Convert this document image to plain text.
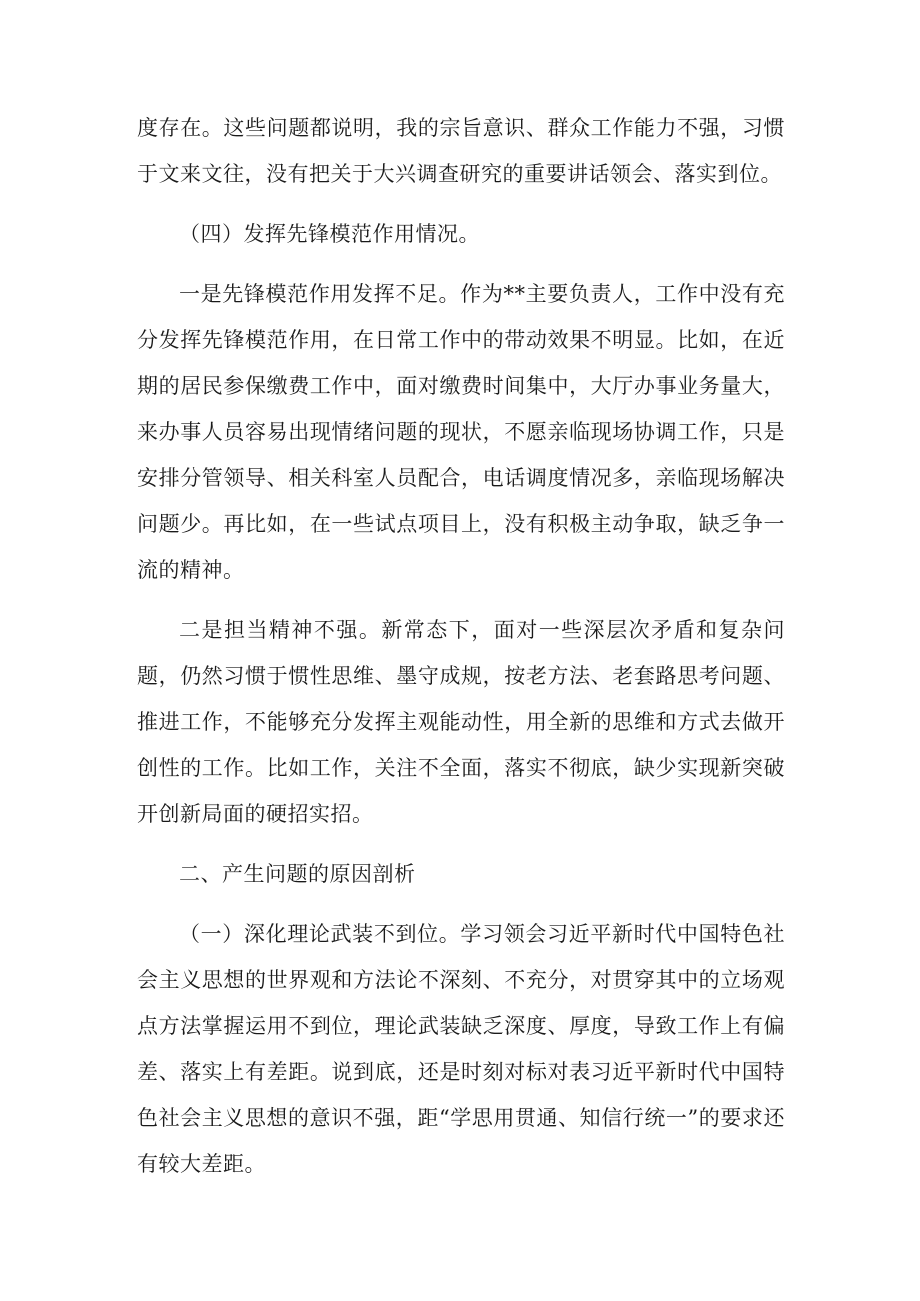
度存在。这些问题都说明，我的宗旨意识、群众工作能力不强，习惯于文来文往，没有把关于大兴调查研究的重要讲话领会、落实到位。

（四）发挥先锋模范作用情况。

一是先锋模范作用发挥不足。作为**主要负责人，工作中没有充分发挥先锋模范作用，在日常工作中的带动效果不明显。比如，在近期的居民参保缴费工作中，面对缴费时间集中，大厅办事业务量大，来办事人员容易出现情绪问题的现状，不愿亲临现场协调工作，只是安排分管领导、相关科室人员配合，电话调度情况多，亲临现场解决问题少。再比如，在一些试点项目上，没有积极主动争取，缺乏争一流的精神。

二是担当精神不强。新常态下，面对一些深层次矛盾和复杂问题，仍然习惯于惯性思维、墨守成规，按老方法、老套路思考问题、推进工作，不能够充分发挥主观能动性，用全新的思维和方式去做开创性的工作。比如工作，关注不全面，落实不彻底，缺少实现新突破开创新局面的硬招实招。

二、产生问题的原因剖析

（一）深化理论武装不到位。学习领会习近平新时代中国特色社会主义思想的世界观和方法论不深刻、不充分，对贯穿其中的立场观点方法掌握运用不到位，理论武装缺乏深度、厚度，导致工作上有偏差、落实上有差距。说到底，还是时刻对标对表习近平新时代中国特色社会主义思想的意识不强，距“学思用贯通、知信行统一”的要求还有较大差距。
